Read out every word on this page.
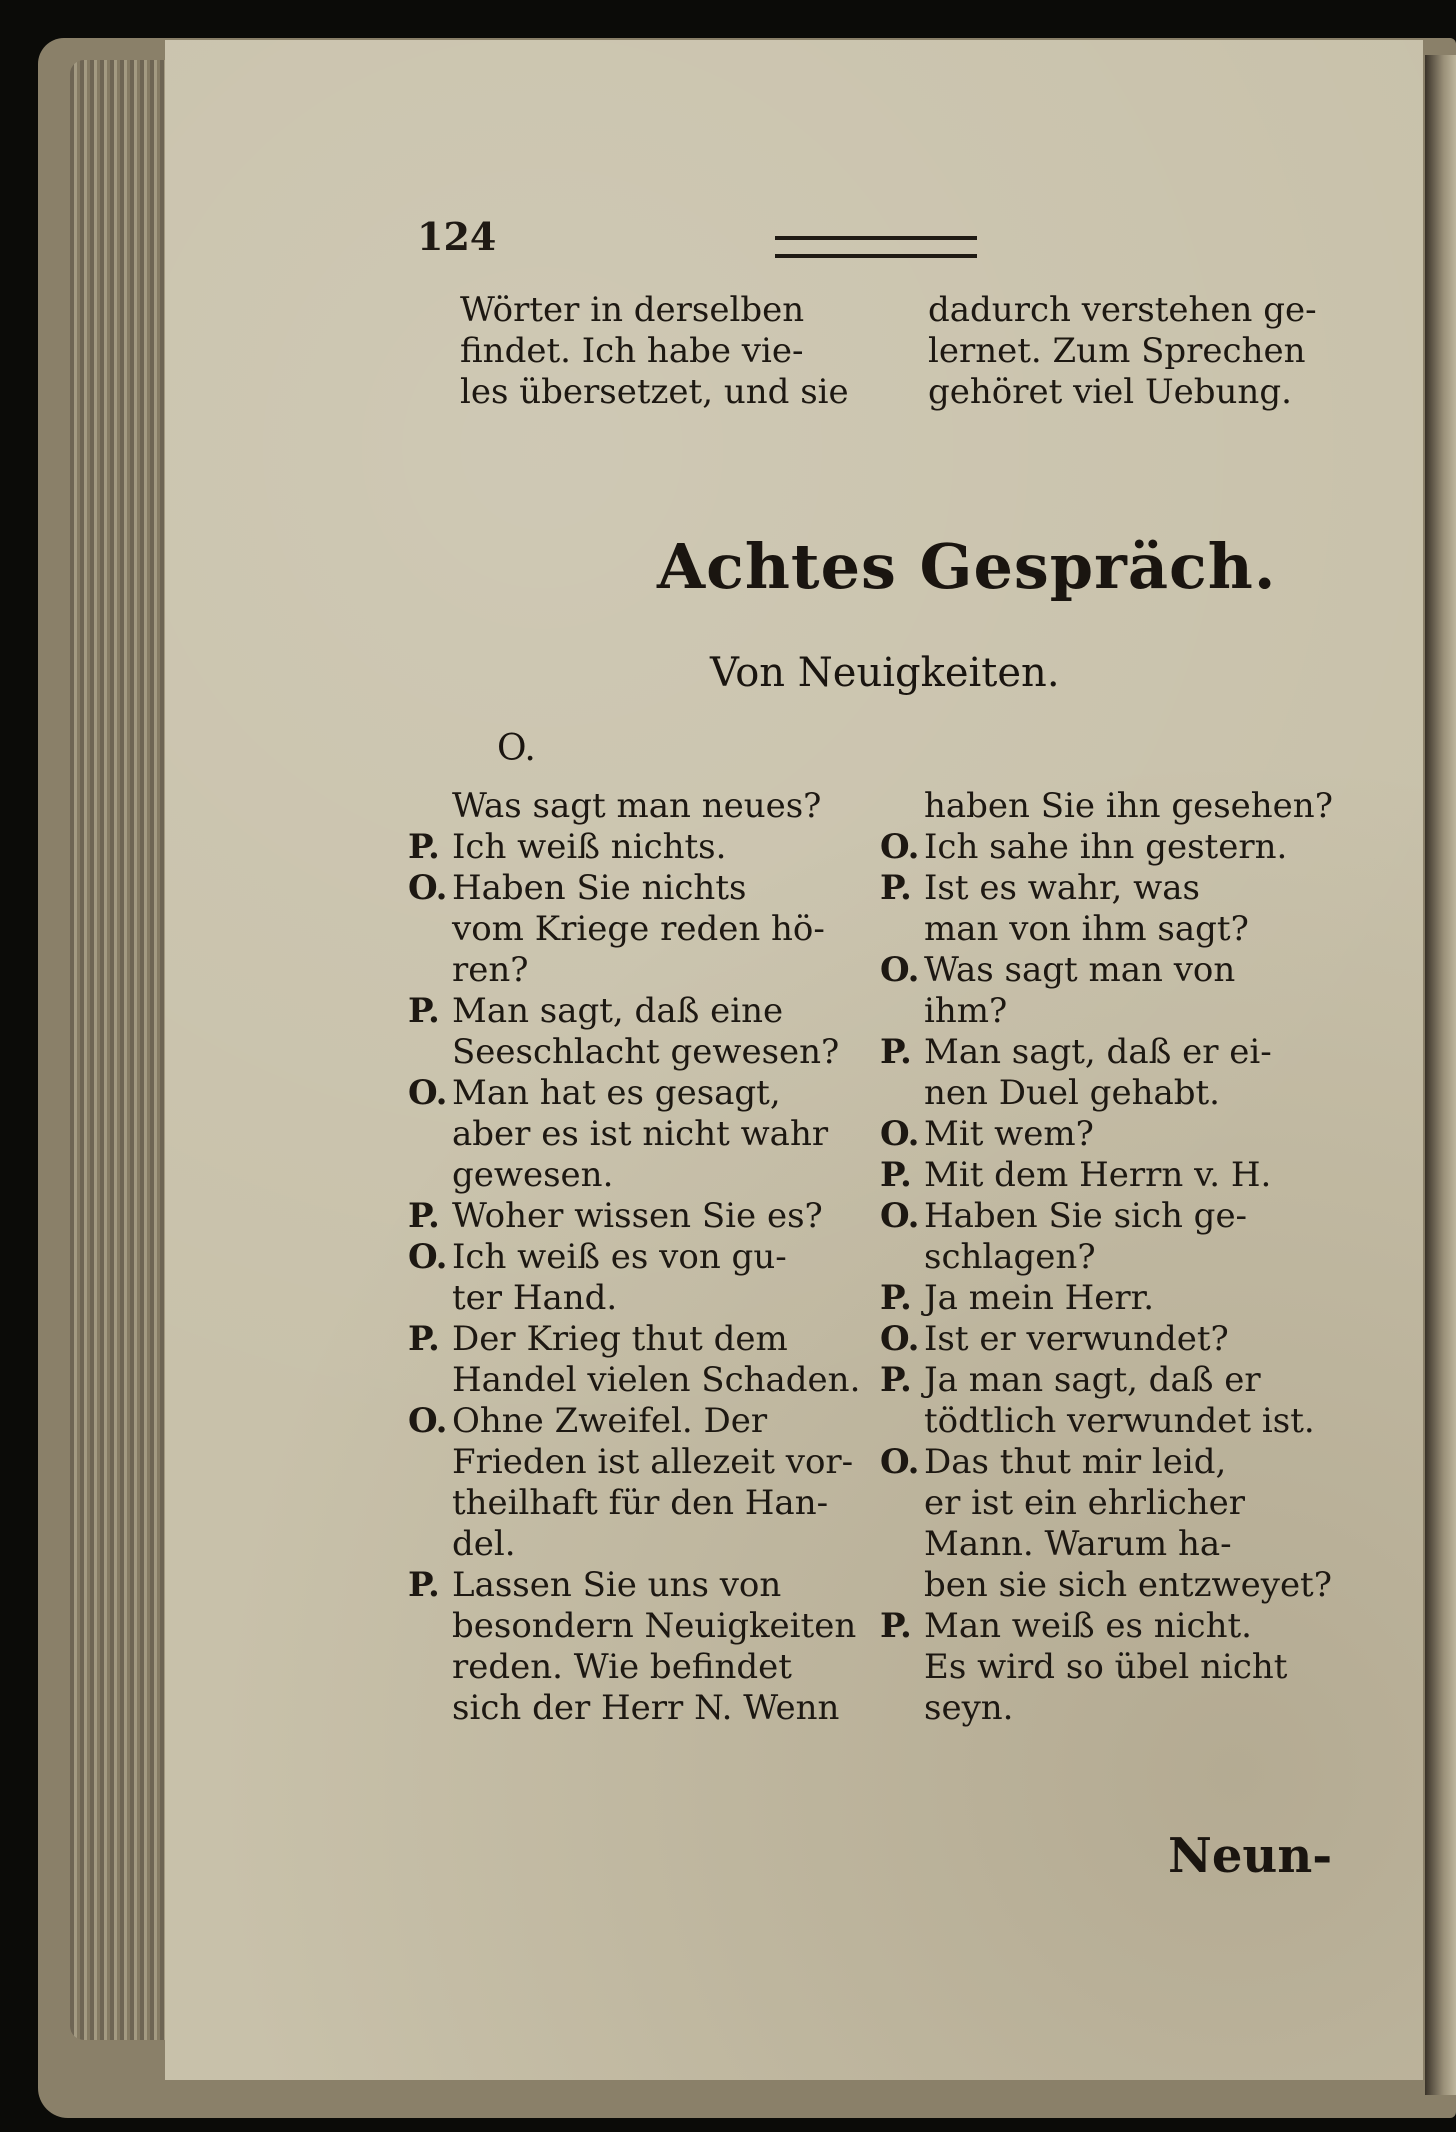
124

Wörter in derselben

findet. Ich habe vie-

les übersetzet, und sie

dadurch verstehen ge-

lernet. Zum Sprechen

gehöret viel Uebung.

Achtes Gespräch.
Von Neuigkeiten.
O.
Was sagt man neues?
P. Ich weiß nichts.
O. Haben Sie nichts
vom Kriege reden hö-
ren?
P. Man sagt, daß eine
Seeschlacht gewesen?
O. Man hat es gesagt,
aber es ist nicht wahr
gewesen.
P. Woher wissen Sie es?
O. Ich weiß es von gu-
ter Hand.
P. Der Krieg thut dem
Handel vielen Schaden.
O. Ohne Zweifel. Der
Frieden ist allezeit vor-
theilhaft für den Han-
del.
P. Lassen Sie uns von
besondern Neuigkeiten
reden. Wie befindet
sich der Herr N. Wenn
haben Sie ihn gesehen?
O. Ich sahe ihn gestern.
P. Ist es wahr, was
man von ihm sagt?
O. Was sagt man von
ihm?
P. Man sagt, daß er ei-
nen Duel gehabt.
O. Mit wem?
P. Mit dem Herrn v. H.
O. Haben Sie sich ge-
schlagen?
P. Ja mein Herr.
O. Ist er verwundet?
P. Ja man sagt, daß er
tödtlich verwundet ist.
O. Das thut mir leid,
er ist ein ehrlicher
Mann. Warum ha-
ben sie sich entzweyet?
P. Man weiß es nicht.
Es wird so übel nicht
seyn.
Neun-
